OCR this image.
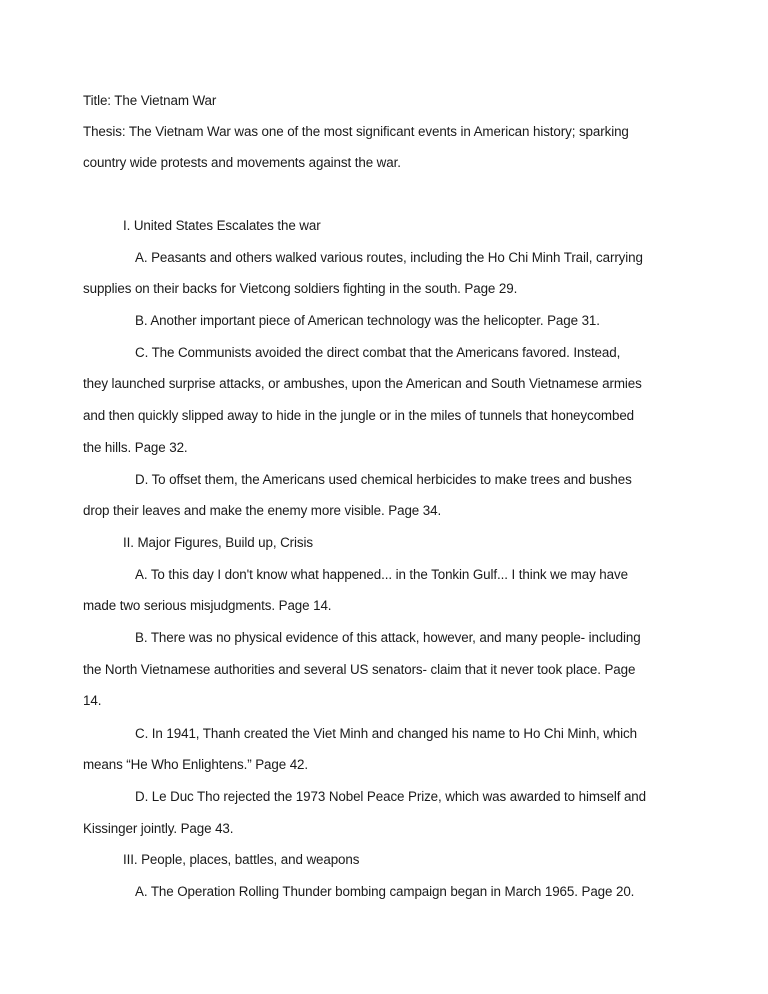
Title: The Vietnam War
Thesis: The Vietnam War was one of the most significant events in American history; sparking
country wide protests and movements against the war.
I. United States Escalates the war
A. Peasants and others walked various routes, including the Ho Chi Minh Trail, carrying
supplies on their backs for Vietcong soldiers fighting in the south. Page 29.
B. Another important piece of American technology was the helicopter. Page 31.
C. The Communists avoided the direct combat that the Americans favored. Instead,
they launched surprise attacks, or ambushes, upon the American and South Vietnamese armies
and then quickly slipped away to hide in the jungle or in the miles of tunnels that honeycombed
the hills. Page 32.
D. To offset them, the Americans used chemical herbicides to make trees and bushes
drop their leaves and make the enemy more visible. Page 34.
II. Major Figures, Build up, Crisis
A. To this day I don't know what happened... in the Tonkin Gulf... I think we may have
made two serious misjudgments. Page 14.
B. There was no physical evidence of this attack, however, and many people- including
the North Vietnamese authorities and several US senators- claim that it never took place. Page
14.
C. In 1941, Thanh created the Viet Minh and changed his name to Ho Chi Minh, which
means “He Who Enlightens.” Page 42.
D. Le Duc Tho rejected the 1973 Nobel Peace Prize, which was awarded to himself and
Kissinger jointly. Page 43.
III. People, places, battles, and weapons
A. The Operation Rolling Thunder bombing campaign began in March 1965. Page 20.
